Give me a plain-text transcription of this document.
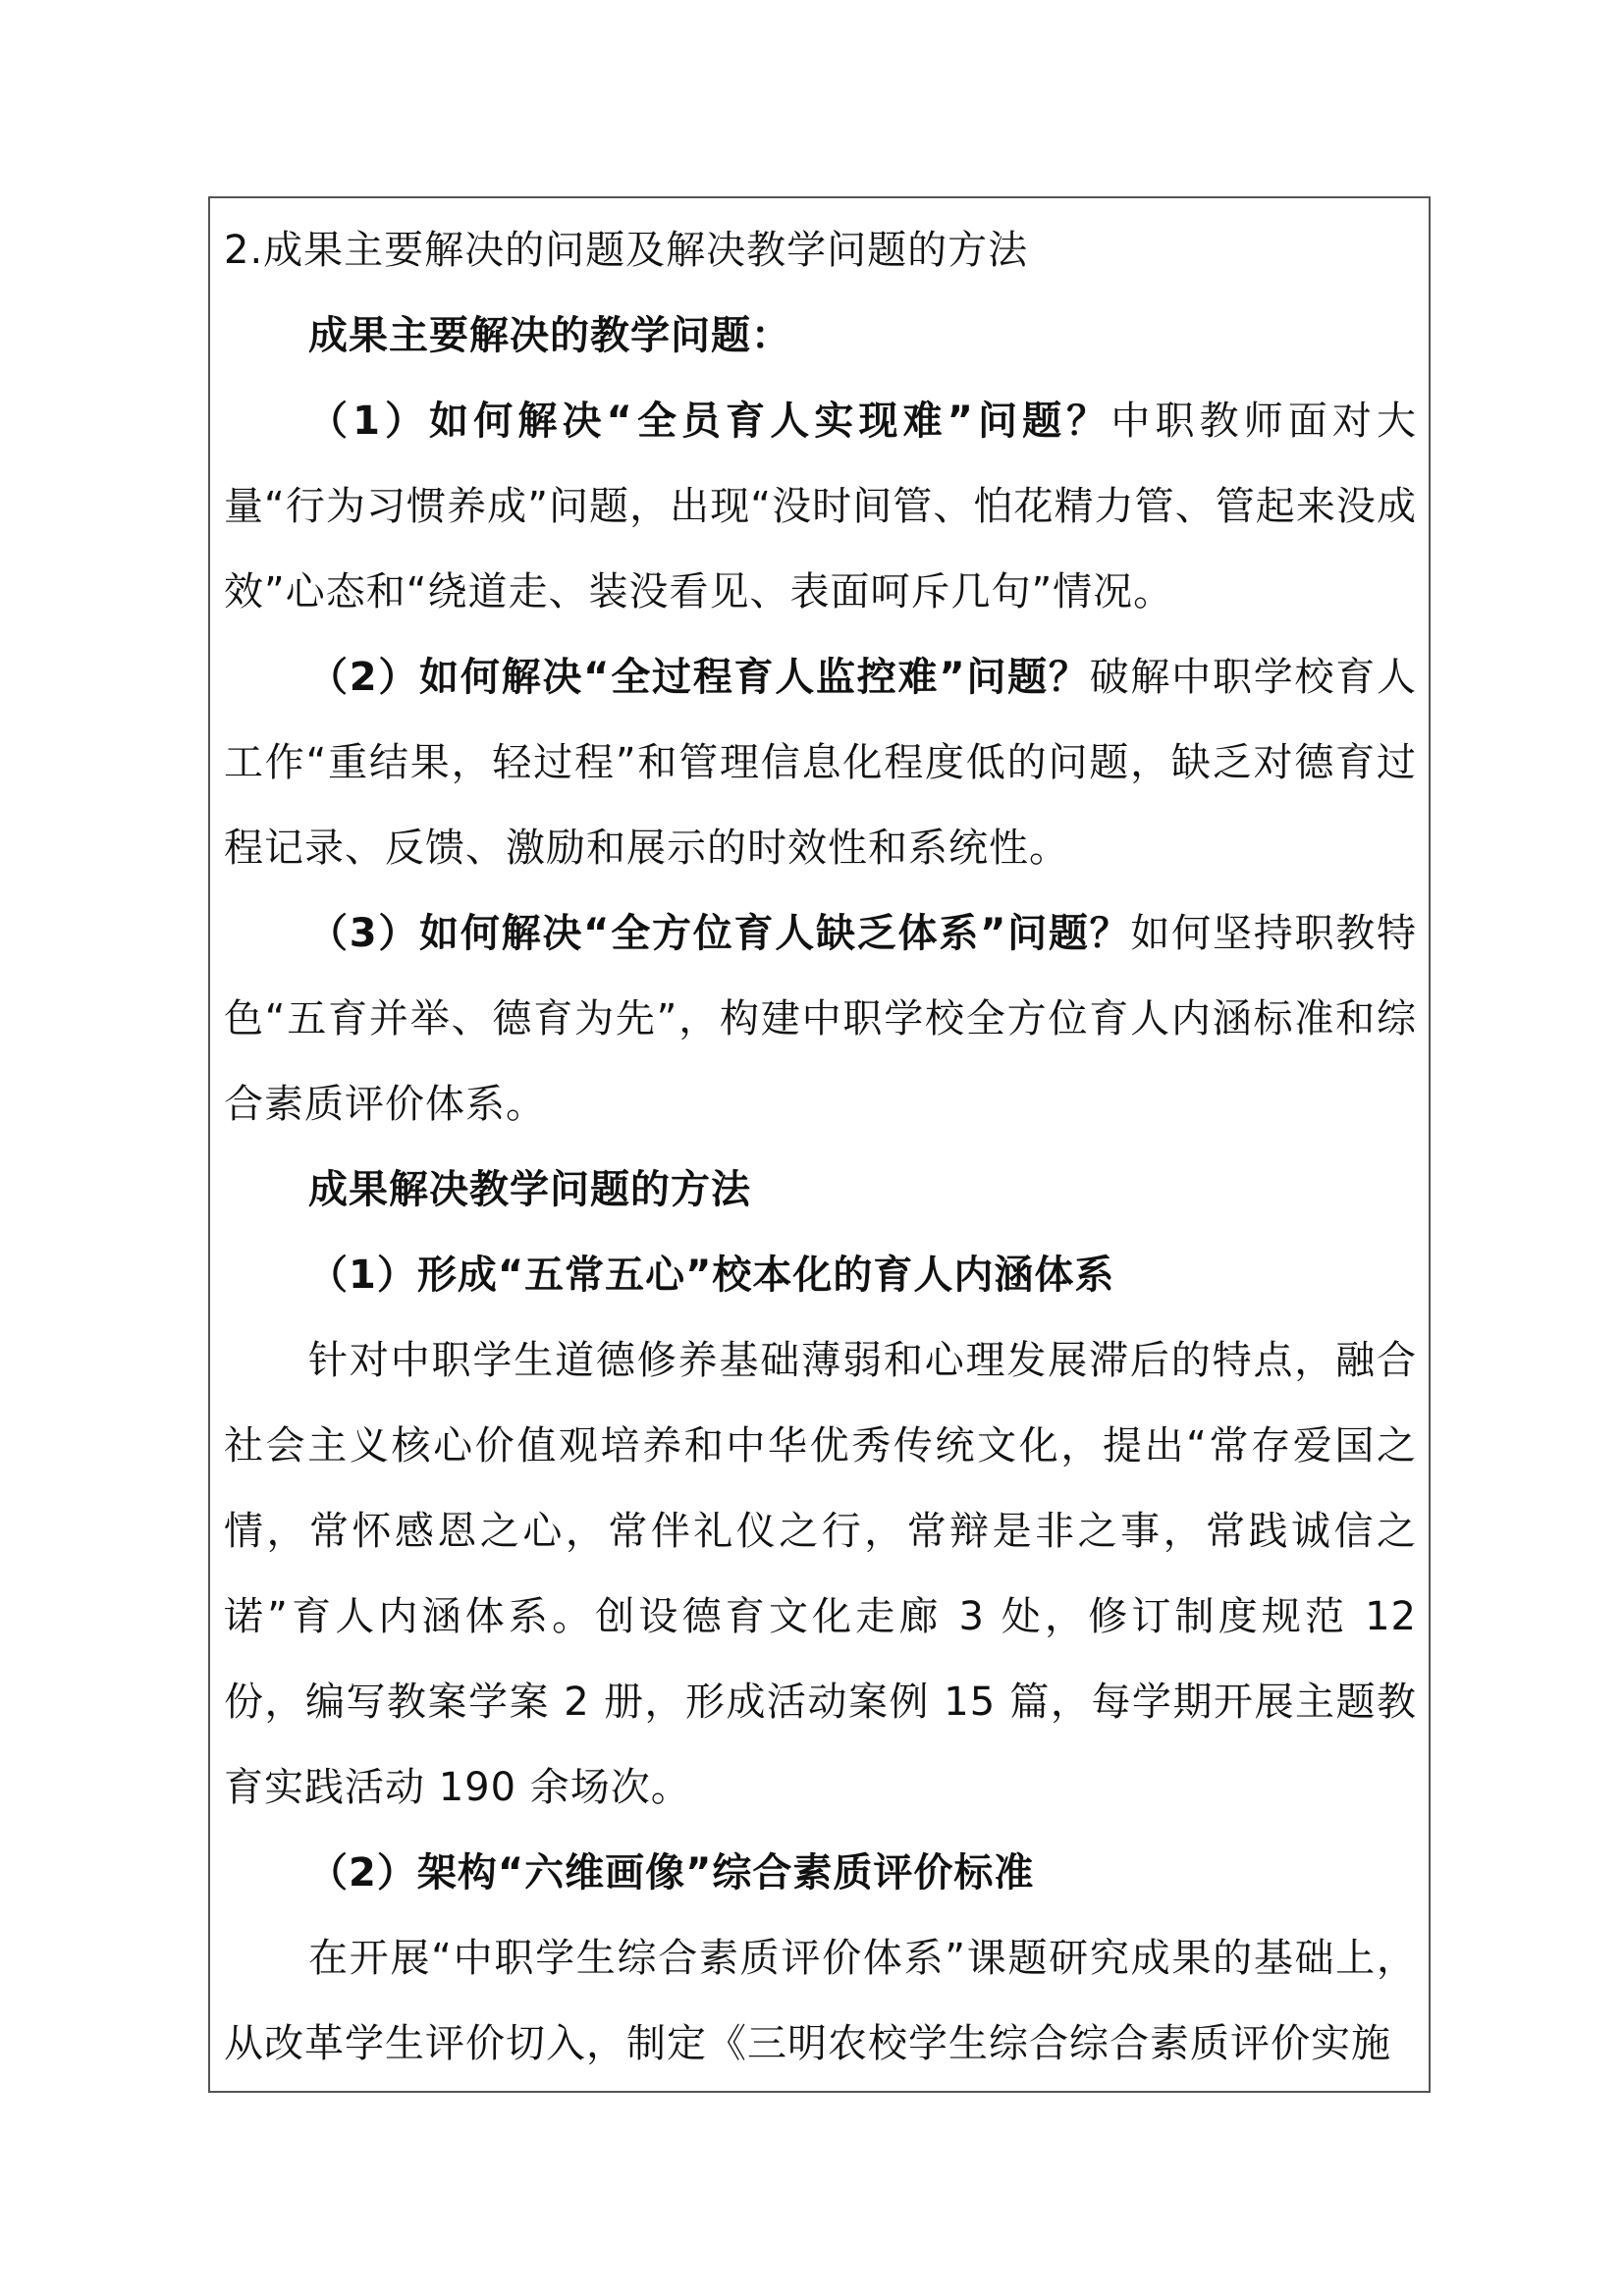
2.成果主要解决的问题及解决教学问题的方法

成果主要解决的教学问题：

（1）如何解决“全员育人实现难”问题？中职教师面对大量“行为习惯养成”问题，出现“没时间管、怕花精力管、管起来没成效”心态和“绕道走、装没看见、表面呵斥几句”情况。

（2）如何解决“全过程育人监控难”问题？破解中职学校育人工作“重结果，轻过程”和管理信息化程度低的问题，缺乏对德育过程记录、反馈、激励和展示的时效性和系统性。

（3）如何解决“全方位育人缺乏体系”问题？如何坚持职教特色“五育并举、德育为先”，构建中职学校全方位育人内涵标准和综合素质评价体系。

成果解决教学问题的方法

（1）形成“五常五心”校本化的育人内涵体系

针对中职学生道德修养基础薄弱和心理发展滞后的特点，融合社会主义核心价值观培养和中华优秀传统文化，提出“常存爱国之情，常怀感恩之心，常伴礼仪之行，常辩是非之事，常践诚信之诺”育人内涵体系。创设德育文化走廊 3 处，修订制度规范 12 份，编写教案学案 2 册，形成活动案例 15 篇，每学期开展主题教育实践活动 190 余场次。

（2）架构“六维画像”综合素质评价标准

在开展“中职学生综合素质评价体系”课题研究成果的基础上，从改革学生评价切入，制定《三明农校学生综合综合素质评价实施
